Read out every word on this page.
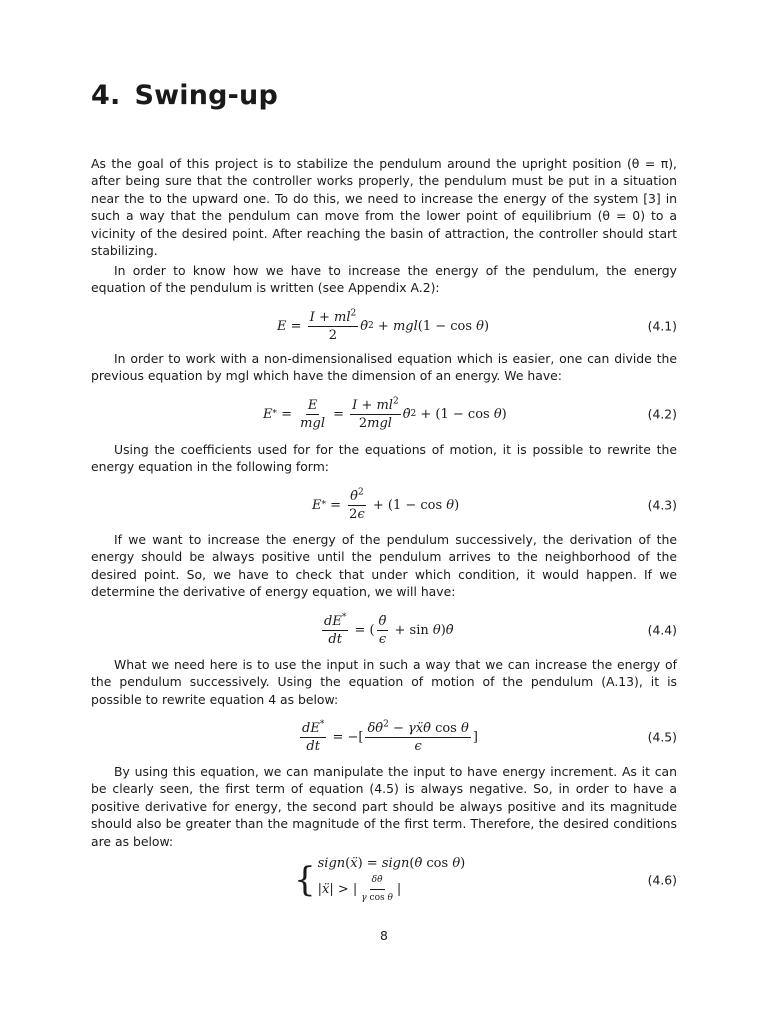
4. Swing-up

As the goal of this project is to stabilize the pendulum around the upright position (θ = π), after being sure that the controller works properly, the pendulum must be put in a situation near the to the upward one. To do this, we need to increase the energy of the system [3] in such a way that the pendulum can move from the lower point of equilibrium (θ = 0) to a vicinity of the desired point. After reaching the basin of attraction, the controller should start stabilizing.

In order to know how we have to increase the energy of the pendulum, the energy equation of the pendulum is written (see Appendix A.2):

$E = \frac{I + ml^2}{2}$ θ̇ 2 + mgl (1 − cos θ )	(4.1)

In order to work with a non-dimensionalised equation which is easier, one can divide the previous equation by mgl which have the dimension of an energy. We have:

E * = $\frac{E}{\text{mgl}} = \frac{I + ml^2}{\text{2mgl}}$ θ̇ 2 + (1 − cos θ )	(4.2)

Using the coefficients used for for the equations of motion, it is possible to rewrite the energy equation in the following form:

E * = $\frac{\thetȧ^2}{2\epsilon} + (1 - \cos \theta$ )	(4.3)

If we want to increase the energy of the pendulum successively, the derivation of the energy should be always positive until the pendulum arrives to the neighborhood of the desired point. So, we have to check that under which condition, it would happen. If we determine the derivative of energy equation, we will have:

$\frac{dE^*}{dt}$ = ( $\frac{\thetä}{\epsilon} + \sin \theta$ ) θ̇	(4.4)

What we need here is to use the input in such a way that we can increase the energy of the pendulum successively. Using the equation of motion of the pendulum (A.13), it is possible to rewrite equation 4 as below:

$\frac{dE^*}{dt}$ = −[ $\frac{\delta\thetȧ^2 - \gamma ẍ\thetȧ \cos \theta}{\epsilon}$ ]	(4.5)

By using this equation, we can manipulate the input to have energy increment. As it can be clearly seen, the first term of equation (4.5) is always negative. So, in order to have a positive derivative for energy, the second part should be always positive and its magnitude should also be greater than the magnitude of the first term. Therefore, the desired conditions are as below:

{ sign(ẍ) = sign(θ̇ cos θ)
|ẍ| > | $\frac{\delta\thetȧ}{\text{γ cos θ}}$ |
(4.6)
8
